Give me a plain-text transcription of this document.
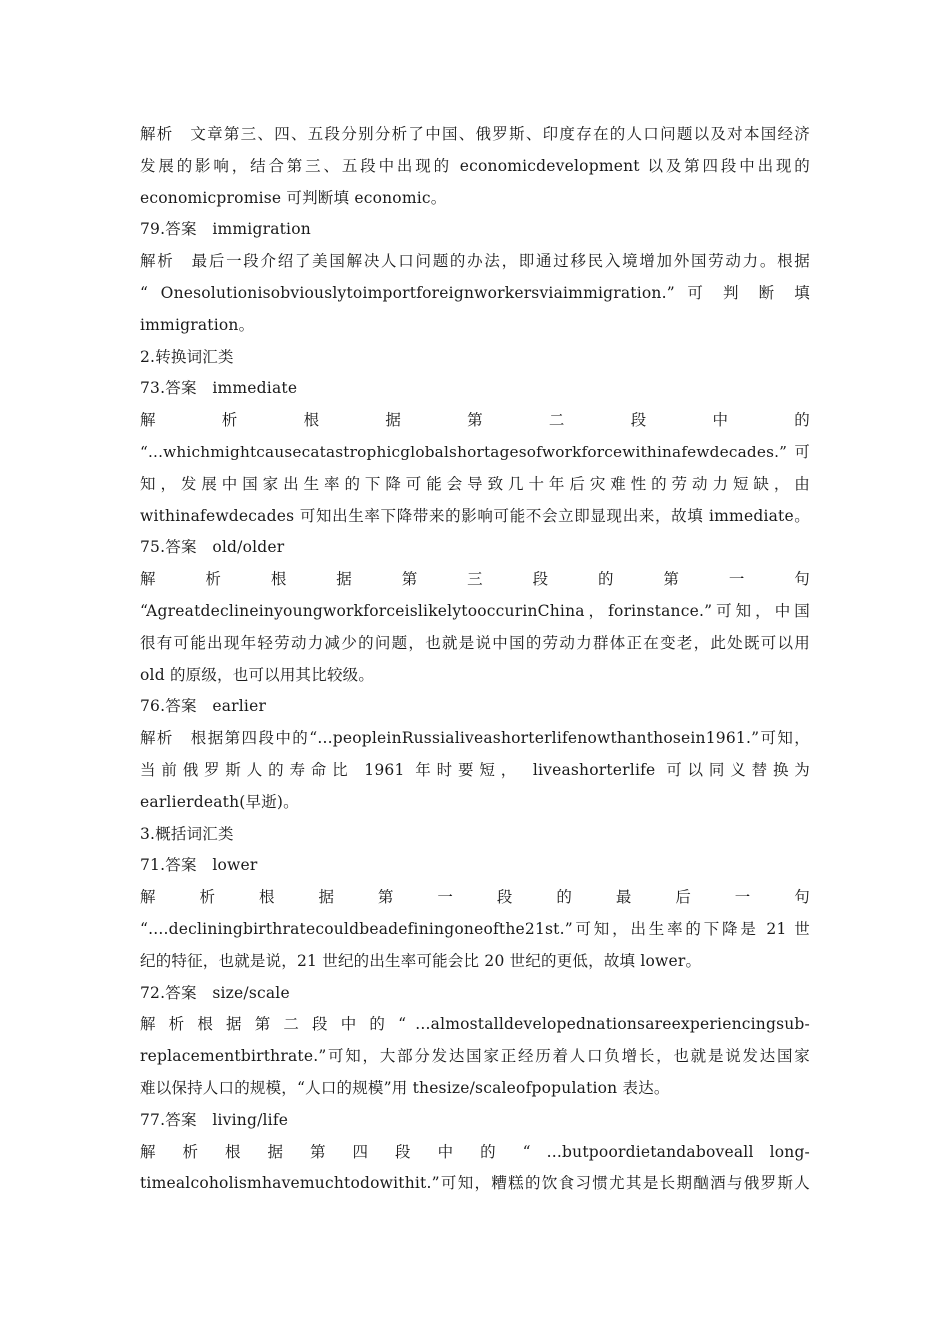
解析　文章第三、四、五段分别分析了中国、俄罗斯、印度存在的人口问题以及对本国经济
发展的影响，结合第三、五段中出现的 economicdevelopment 以及第四段中出现的
economicpromise 可判断填 economic。
79.答案　immigration
解析　最后一段介绍了美国解决人口问题的办法，即通过移民入境增加外国劳动力。根据
“ Onesolutionisobviouslytoimportforeignworkersviaimmigration.” 可 判 断 填
immigration。
2.转换词汇类
73.答案　immediate
解 析 根 据 第 二 段 中 的
“...whichmightcausecatastrophicglobalshortagesofworkforcewithinafewdecades.”可
知，发展中国家出生率的下降可能会导致几十年后灾难性的劳动力短缺，由
withinafewdecades 可知出生率下降带来的影响可能不会立即显现出来，故填 immediate。
75.答案　old/older
解 析 根 据 第 三 段 的 第 一 句
“AgreatdeclineinyoungworkforceislikelytooccurinChina，forinstance.”可知，中国
很有可能出现年轻劳动力减少的问题，也就是说中国的劳动力群体正在变老，此处既可以用
old 的原级，也可以用其比较级。
76.答案　earlier
解析　根据第四段中的“...peopleinRussialiveashorterlifenowthanthosein1961.”可知，
当前俄罗斯人的寿命比 1961 年时要短， liveashorterlife 可以同义替换为
earlierdeath(早逝)。
3.概括词汇类
71.答案　lower
解 析 根 据 第 一 段 的 最 后 一 句
“....decliningbirthratecouldbeadefiningoneofthe21st.”可知，出生率的下降是 21 世
纪的特征，也就是说，21 世纪的出生率可能会比 20 世纪的更低，故填 lower。
72.答案　size/scale
解 析 根 据 第 二 段 中 的 “ ...almostalldevelopednationsareexperiencingsub-
replacementbirthrate.”可知，大部分发达国家正经历着人口负增长，也就是说发达国家
难以保持人口的规模，“人口的规模”用 thesize/scaleofpopulation 表达。
77.答案　living/life
解 析 根 据 第 四 段 中 的 “ ...butpoordietandaboveall long-
timealcoholismhavemuchtodowithit.”可知，糟糕的饮食习惯尤其是长期酗酒与俄罗斯人
